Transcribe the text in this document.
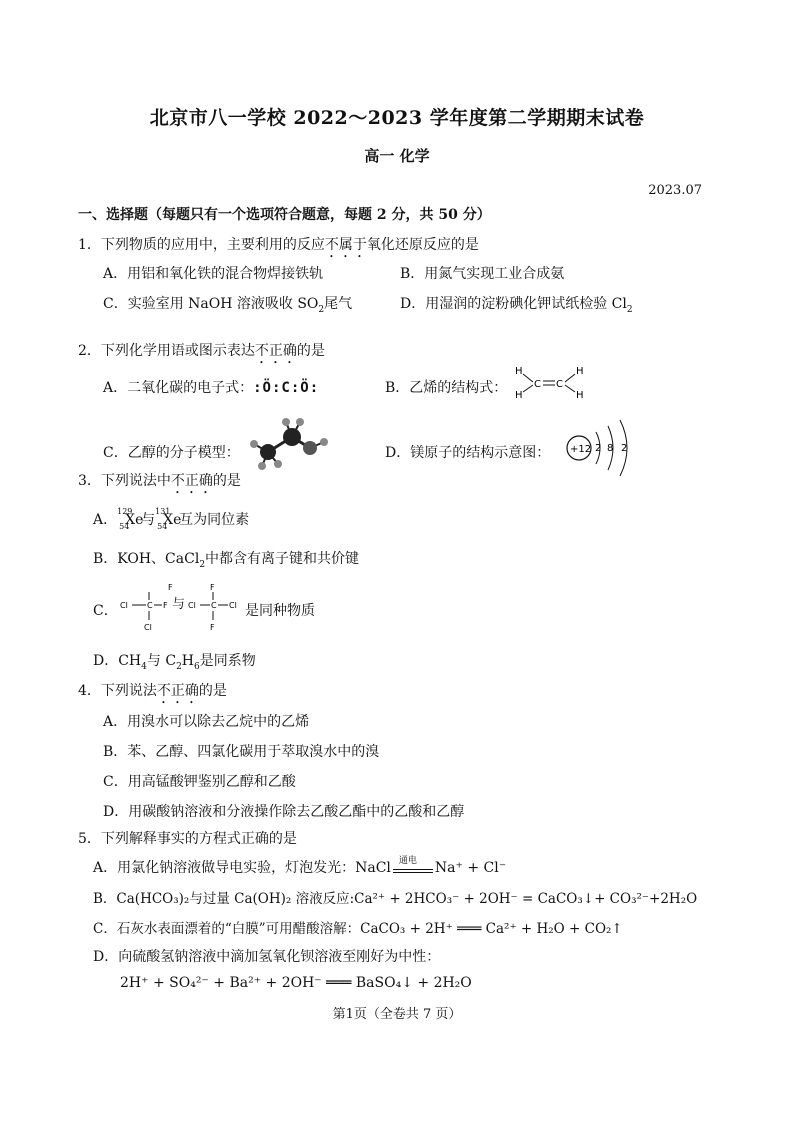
北京市八一学校 2022～2023 学年度第二学期期末试卷
高一 化学
2023.07
一、选择题（每题只有一个选项符合题意，每题 2 分，共 50 分）
1．下列物质的应用中，主要利用的反应不属于氧化还原反应的是
A．用铝和氧化铁的混合物焊接铁轨	B．用氮气实现工业合成氨
C．实验室用 NaOH 溶液吸收 $SO_2$尾气	D．用湿润的淀粉碘化钾试纸检验 $Cl_2$
2．下列化学用语或图示表达不正确的是
A．二氧化碳的电子式：:Ö:C:Ö:	B．乙烯的结构式：
H
H
C C
H
H
C．乙醇的分子模型：	D．镁原子的结构示意图： +12 2 8 2
3．下列说法中不正确的是
A．
129
54
Xe
与
131
54
Xe
互为同位素
B．KOH、CaCl$_2$中都含有离子键和共价键
C．
F
Cl C F
Cl
与
F
Cl C Cl
F
是同种物质
D．$CH_4$与 $C_2H_6$是同系物
4．下列说法不正确的是
A．用溴水可以除去乙烷中的乙烯
B．苯、乙醇、四氯化碳用于萃取溴水中的溴
C．用高锰酸钾鉴别乙醇和乙酸
D．用碳酸钠溶液和分液操作除去乙酸乙酯中的乙酸和乙醇
5．下列解释事实的方程式正确的是
A．用氯化钠溶液做导电实验，灯泡发光：NaCl 通电 Na⁺ + Cl⁻
B．Ca(HCO₃)₂与过量 Ca(OH)₂ 溶液反应:Ca²⁺ + 2HCO₃⁻ + 2OH⁻ = CaCO₃↓+ CO₃²⁻+2H₂O
C．石灰水表面漂着的“白膜”可用醋酸溶解：CaCO₃ + 2H⁺ ═══ Ca²⁺ + H₂O + CO₂↑
D．向硫酸氢钠溶液中滴加氢氧化钡溶液至刚好为中性：
2H⁺ + SO₄²⁻ + Ba²⁺ + 2OH⁻ ═══ BaSO₄↓ + 2H₂O
第1页（全卷共 7 页）
